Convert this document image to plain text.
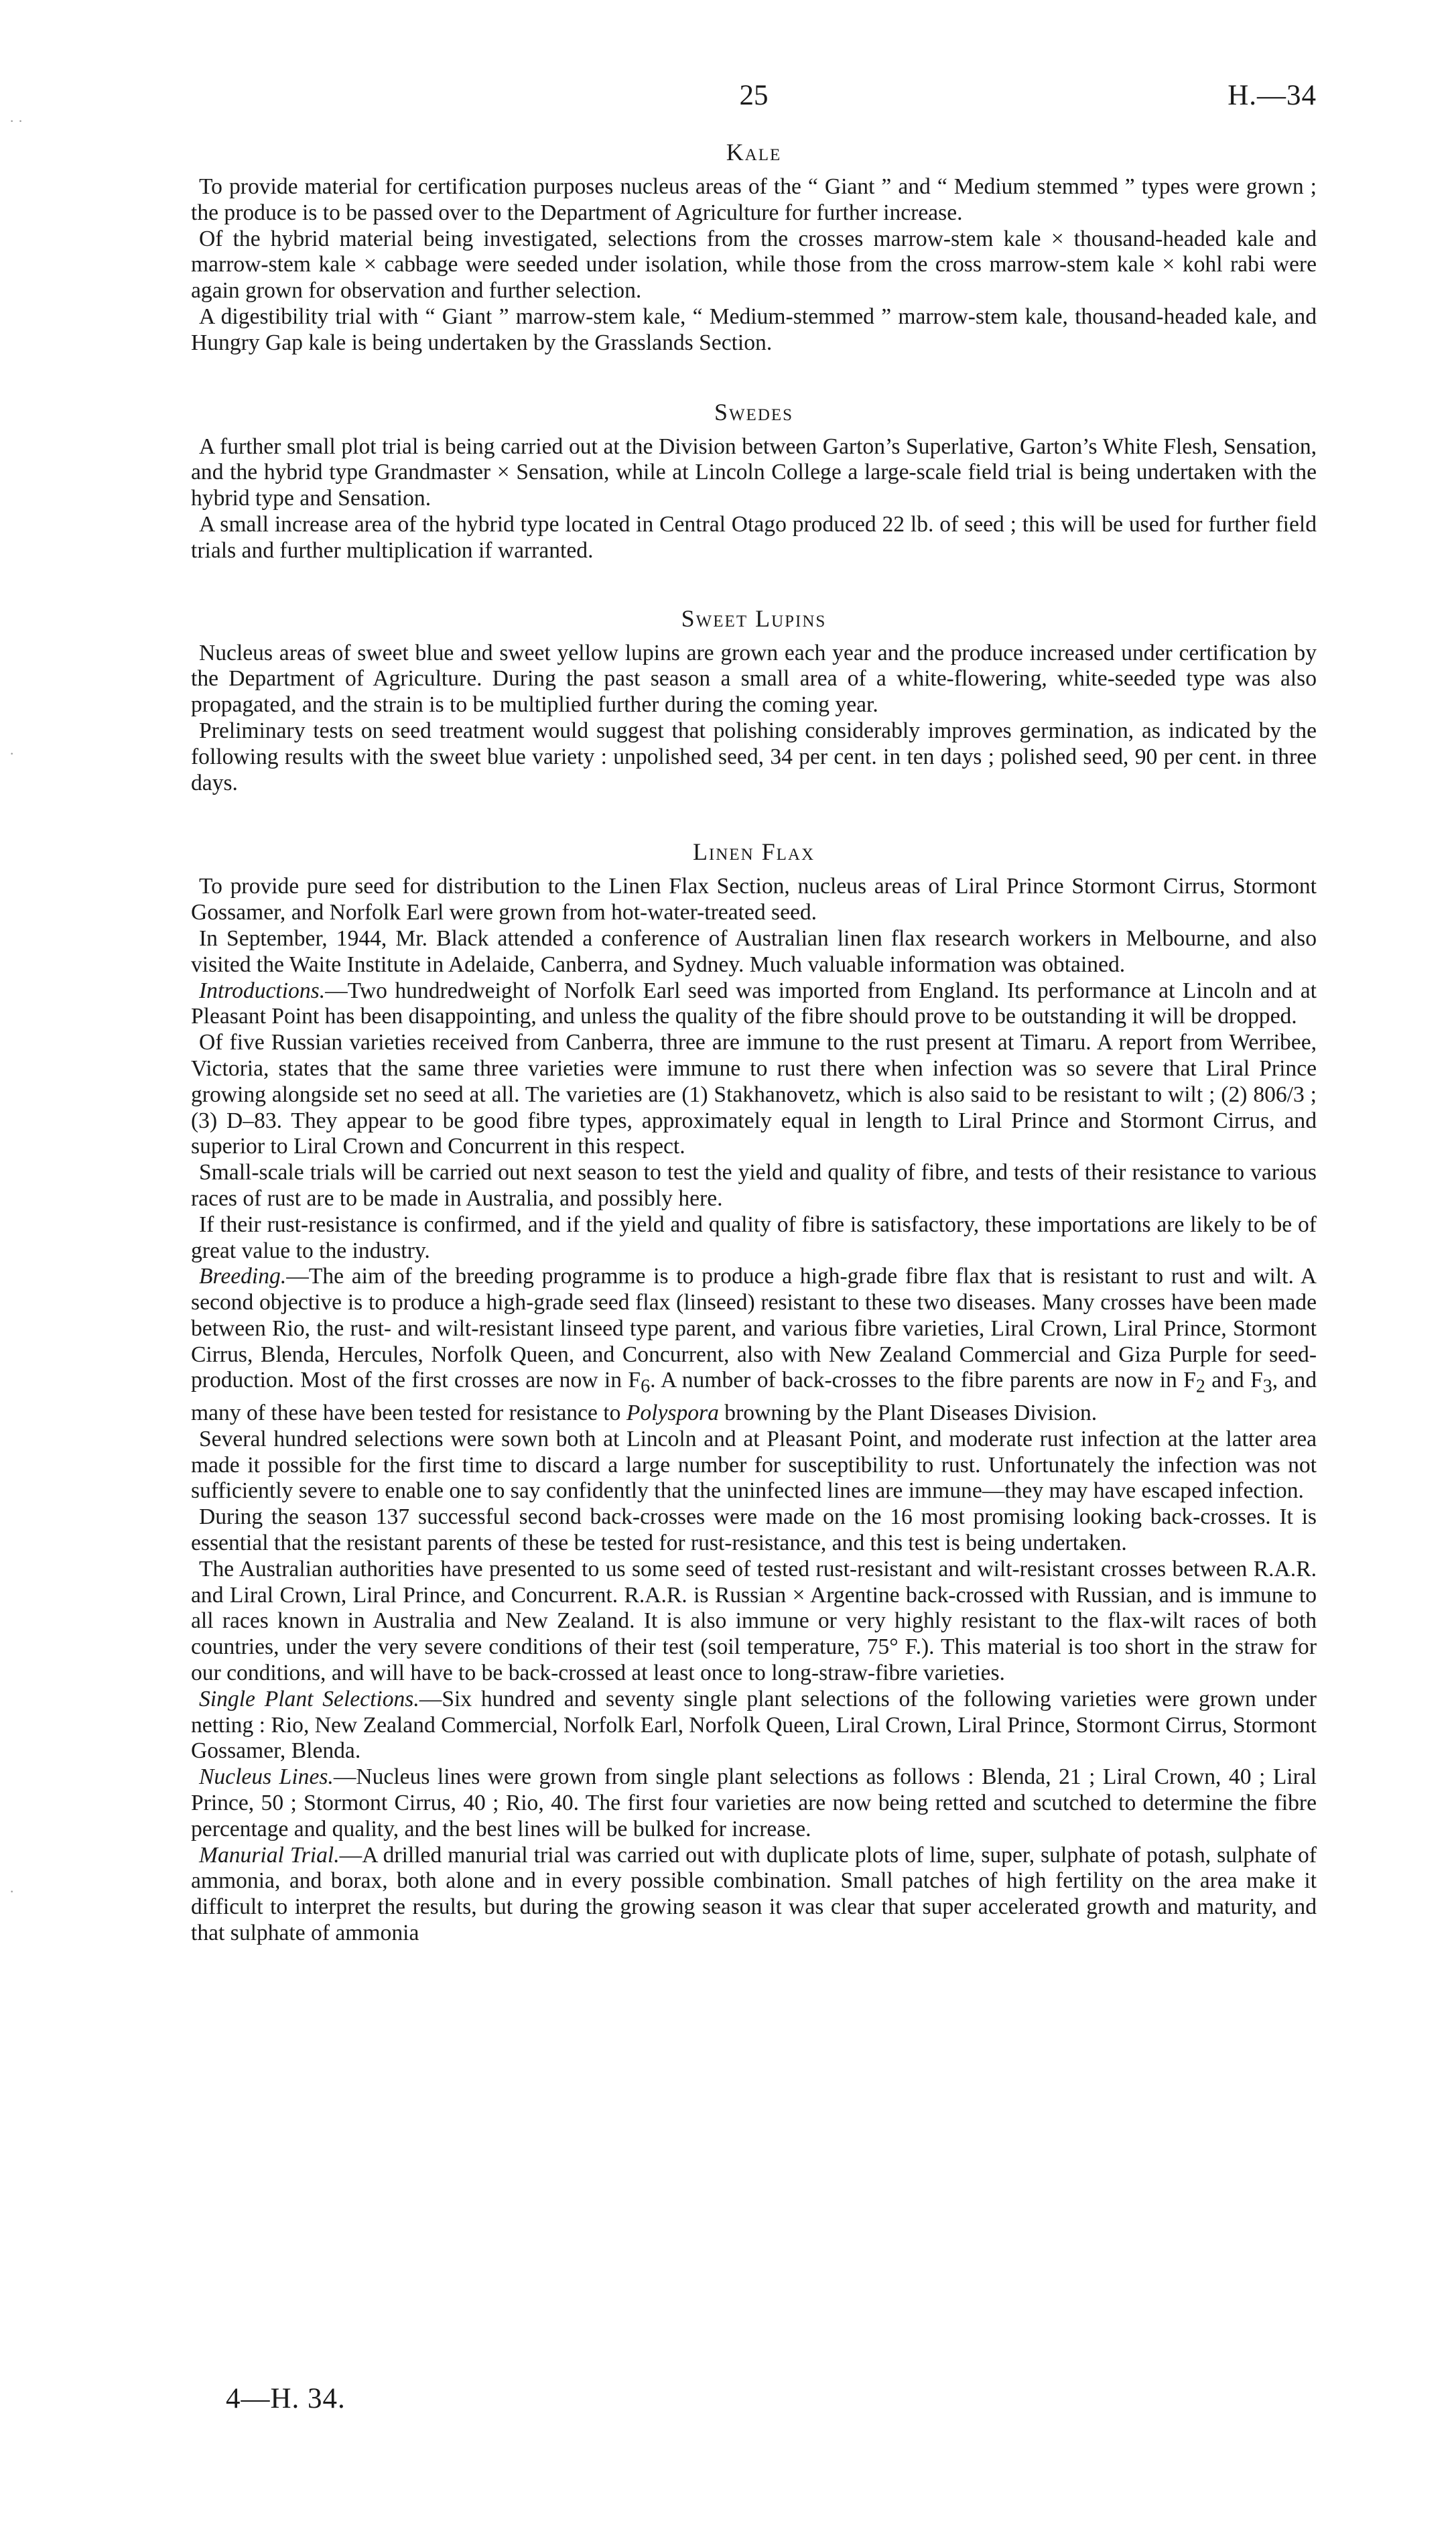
· ·
·
·
25	H.—34
Kale

To provide material for certification purposes nucleus areas of the “ Giant ” and “ Medium stemmed ” types were grown ; the produce is to be passed over to the Department of Agriculture for further increase.

Of the hybrid material being investigated, selections from the crosses marrow-stem kale × thousand-headed kale and marrow-stem kale × cabbage were seeded under isolation, while those from the cross marrow-stem kale × kohl rabi were again grown for observation and further selection.

A digestibility trial with “ Giant ” marrow-stem kale, “ Medium-stemmed ” marrow-stem kale, thousand-headed kale, and Hungry Gap kale is being undertaken by the Grasslands Section.

Swedes

A further small plot trial is being carried out at the Division between Garton’s Superlative, Garton’s White Flesh, Sensation, and the hybrid type Grandmaster × Sensation, while at Lincoln College a large-scale field trial is being undertaken with the hybrid type and Sensation.

A small increase area of the hybrid type located in Central Otago produced 22 lb. of seed ; this will be used for further field trials and further multiplication if warranted.

Sweet Lupins

Nucleus areas of sweet blue and sweet yellow lupins are grown each year and the produce increased under certification by the Department of Agriculture. During the past season a small area of a white-flowering, white-seeded type was also propagated, and the strain is to be multiplied further during the coming year.

Preliminary tests on seed treatment would suggest that polishing considerably improves germination, as indicated by the following results with the sweet blue variety : unpolished seed, 34 per cent. in ten days ; polished seed, 90 per cent. in three days.

Linen Flax

To provide pure seed for distribution to the Linen Flax Section, nucleus areas of Liral Prince Stormont Cirrus, Stormont Gossamer, and Norfolk Earl were grown from hot-water-treated seed.

In September, 1944, Mr. Black attended a conference of Australian linen flax research workers in Melbourne, and also visited the Waite Institute in Adelaide, Canberra, and Sydney. Much valuable information was obtained.

Introductions.—Two hundredweight of Norfolk Earl seed was imported from England. Its performance at Lincoln and at Pleasant Point has been disappointing, and unless the quality of the fibre should prove to be outstanding it will be dropped.

Of five Russian varieties received from Canberra, three are immune to the rust present at Timaru. A report from Werribee, Victoria, states that the same three varieties were immune to rust there when infection was so severe that Liral Prince growing alongside set no seed at all. The varieties are (1) Stakhanovetz, which is also said to be resistant to wilt ; (2) 806/3 ; (3) D–83. They appear to be good fibre types, approximately equal in length to Liral Prince and Stormont Cirrus, and superior to Liral Crown and Concurrent in this respect.

Small-scale trials will be carried out next season to test the yield and quality of fibre, and tests of their resistance to various races of rust are to be made in Australia, and possibly here.

If their rust-resistance is confirmed, and if the yield and quality of fibre is satisfactory, these importations are likely to be of great value to the industry.

Breeding.—The aim of the breeding programme is to produce a high-grade fibre flax that is resistant to rust and wilt. A second objective is to produce a high-grade seed flax (linseed) resistant to these two diseases. Many crosses have been made between Rio, the rust- and wilt-resistant linseed type parent, and various fibre varieties, Liral Crown, Liral Prince, Stormont Cirrus, Blenda, Hercules, Norfolk Queen, and Concurrent, also with New Zealand Commercial and Giza Purple for seed-production. Most of the first crosses are now in $F_6$. A number of back-crosses to the fibre parents are now in $F_2$ and $F_3$, and many of these have been tested for resistance to Polyspora browning by the Plant Diseases Division.

Several hundred selections were sown both at Lincoln and at Pleasant Point, and moderate rust infection at the latter area made it possible for the first time to discard a large number for susceptibility to rust. Unfortunately the infection was not sufficiently severe to enable one to say confidently that the uninfected lines are immune—they may have escaped infection.

During the season 137 successful second back-crosses were made on the 16 most promising looking back-crosses. It is essential that the resistant parents of these be tested for rust-resistance, and this test is being undertaken.

The Australian authorities have presented to us some seed of tested rust-resistant and wilt-resistant crosses between R.A.R. and Liral Crown, Liral Prince, and Concurrent. R.A.R. is Russian × Argentine back-crossed with Russian, and is immune to all races known in Australia and New Zealand. It is also immune or very highly resistant to the flax-wilt races of both countries, under the very severe conditions of their test (soil temperature, 75° F.). This material is too short in the straw for our conditions, and will have to be back-crossed at least once to long-straw-fibre varieties.

Single Plant Selections.—Six hundred and seventy single plant selections of the following varieties were grown under netting : Rio, New Zealand Commercial, Norfolk Earl, Norfolk Queen, Liral Crown, Liral Prince, Stormont Cirrus, Stormont Gossamer, Blenda.

Nucleus Lines.—Nucleus lines were grown from single plant selections as follows : Blenda, 21 ; Liral Crown, 40 ; Liral Prince, 50 ; Stormont Cirrus, 40 ; Rio, 40. The first four varieties are now being retted and scutched to determine the fibre percentage and quality, and the best lines will be bulked for increase.

Manurial Trial.—A drilled manurial trial was carried out with duplicate plots of lime, super, sulphate of potash, sulphate of ammonia, and borax, both alone and in every possible combination. Small patches of high fertility on the area make it difficult to interpret the results, but during the growing season it was clear that super accelerated growth and maturity, and that sulphate of ammonia

4—H. 34.
